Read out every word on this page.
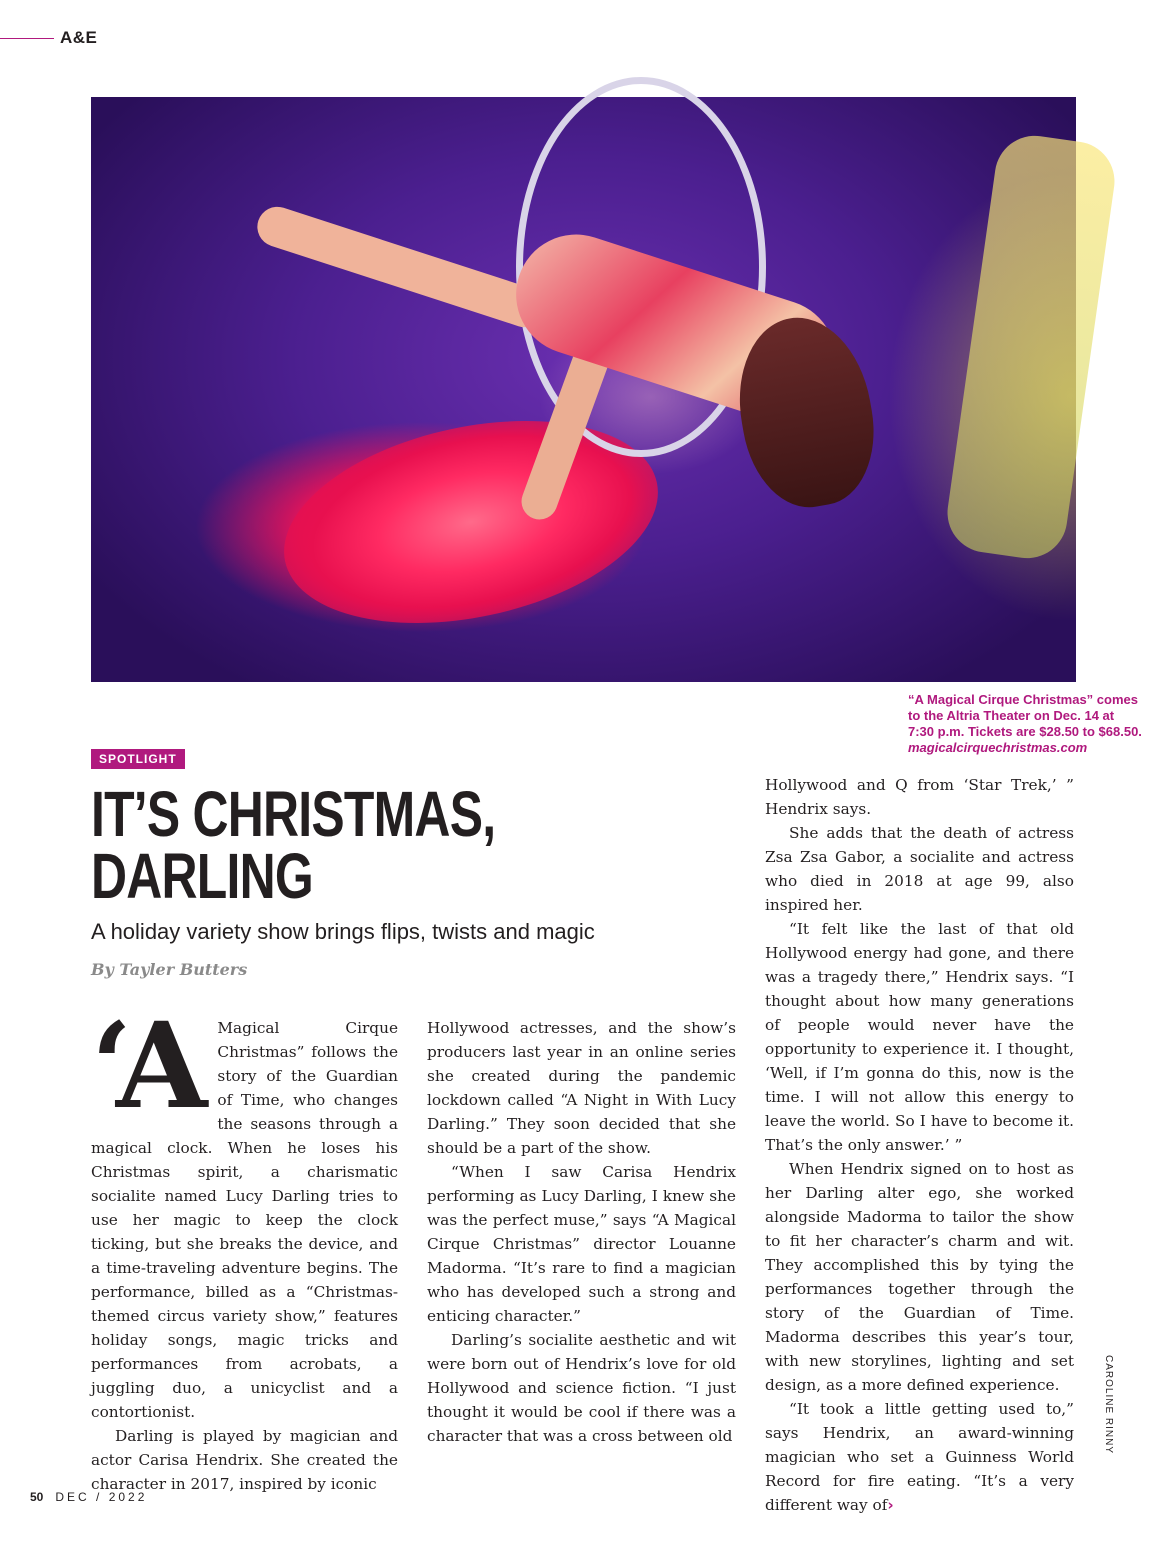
A&E
“A Magical Cirque Christmas” comes
to the Altria Theater on Dec. 14 at
7:30 p.m. Tickets are $28.50 to $68.50.
magicalcirquechristmas.com
SPOTLIGHT
IT’S CHRISTMAS,
DARLING
A holiday variety show brings flips, twists and magic
By Tayler Butters

‘A Magical Cirque Christmas” follows the story of the Guardian of Time, who changes the seasons through a magical clock. When he loses his Christmas spirit, a charismatic socialite named Lucy Darling tries to use her magic to keep the clock ticking, but she breaks the device, and a time-traveling adventure begins. The performance, billed as a “Christmas-themed circus variety show,” features holiday songs, magic tricks and performances from acrobats, a juggling duo, a unicyclist and a contortionist.

Darling is played by magician and actor Carisa Hendrix. She created the character in 2017, inspired by iconic

Hollywood actresses, and the show’s producers last year in an online series she created during the pandemic lockdown called “A Night in With Lucy Darling.” They soon decided that she should be a part of the show.

“When I saw Carisa Hendrix performing as Lucy Darling, I knew she was the perfect muse,” says “A Magical Cirque Christmas” director Louanne Madorma. “It’s rare to find a magician who has developed such a strong and enticing character.”

Darling’s socialite aesthetic and wit were born out of Hendrix’s love for old Hollywood and science fiction. “I just thought it would be cool if there was a character that was a cross between old

Hollywood and Q from ‘Star Trek,’ ” Hendrix says.

She adds that the death of actress Zsa Zsa Gabor, a socialite and actress who died in 2018 at age 99, also inspired her.

“It felt like the last of that old Hollywood energy had gone, and there was a tragedy there,” Hendrix says. “I thought about how many generations of people would never have the opportunity to experience it. I thought, ‘Well, if I’m gonna do this, now is the time. I will not allow this energy to leave the world. So I have to become it. That’s the only answer.’ ”

When Hendrix signed on to host as her Darling alter ego, she worked alongside Madorma to tailor the show to fit her character’s charm and wit. They accomplished this by tying the performances together through the story of the Guardian of Time. Madorma describes this year’s tour, with new storylines, lighting and set design, as a more defined experience.

“It took a little getting used to,” says Hendrix, an award-winning magician who set a Guinness World Record for fire eating. “It’s a very different way of›

CAROLINE RINNY
50 DEC / 2022
